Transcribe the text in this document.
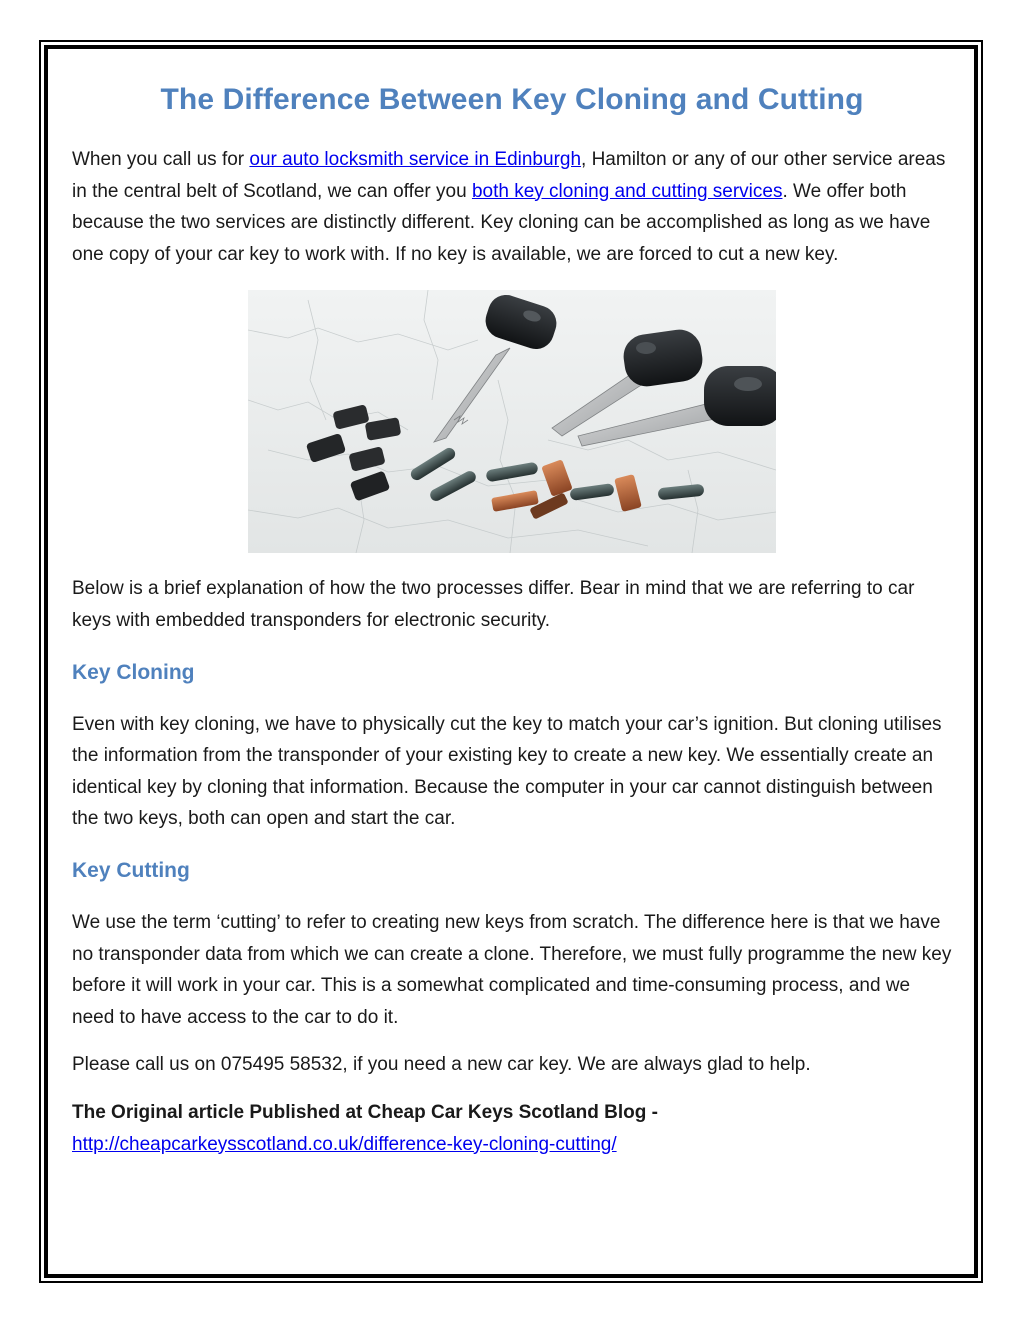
The Difference Between Key Cloning and Cutting

When you call us for our auto locksmith service in Edinburgh, Hamilton or any of our other service areas in the central belt of Scotland, we can offer you both key cloning and cutting services. We offer both because the two services are distinctly different. Key cloning can be accomplished as long as we have one copy of your car key to work with. If no key is available, we are forced to cut a new key.

Below is a brief explanation of how the two processes differ. Bear in mind that we are referring to car keys with embedded transponders for electronic security.

Key Cloning

Even with key cloning, we have to physically cut the key to match your car’s ignition. But cloning utilises the information from the transponder of your existing key to create a new key. We essentially create an identical key by cloning that information. Because the computer in your car cannot distinguish between the two keys, both can open and start the car.

Key Cutting

We use the term ‘cutting’ to refer to creating new keys from scratch. The difference here is that we have no transponder data from which we can create a clone. Therefore, we must fully programme the new key before it will work in your car. This is a somewhat complicated and time-consuming process, and we need to have access to the car to do it.

Please call us on 075495 58532, if you need a new car key. We are always glad to help.

The Original article Published at Cheap Car Keys Scotland Blog -
http://cheapcarkeysscotland.co.uk/difference-key-cloning-cutting/
